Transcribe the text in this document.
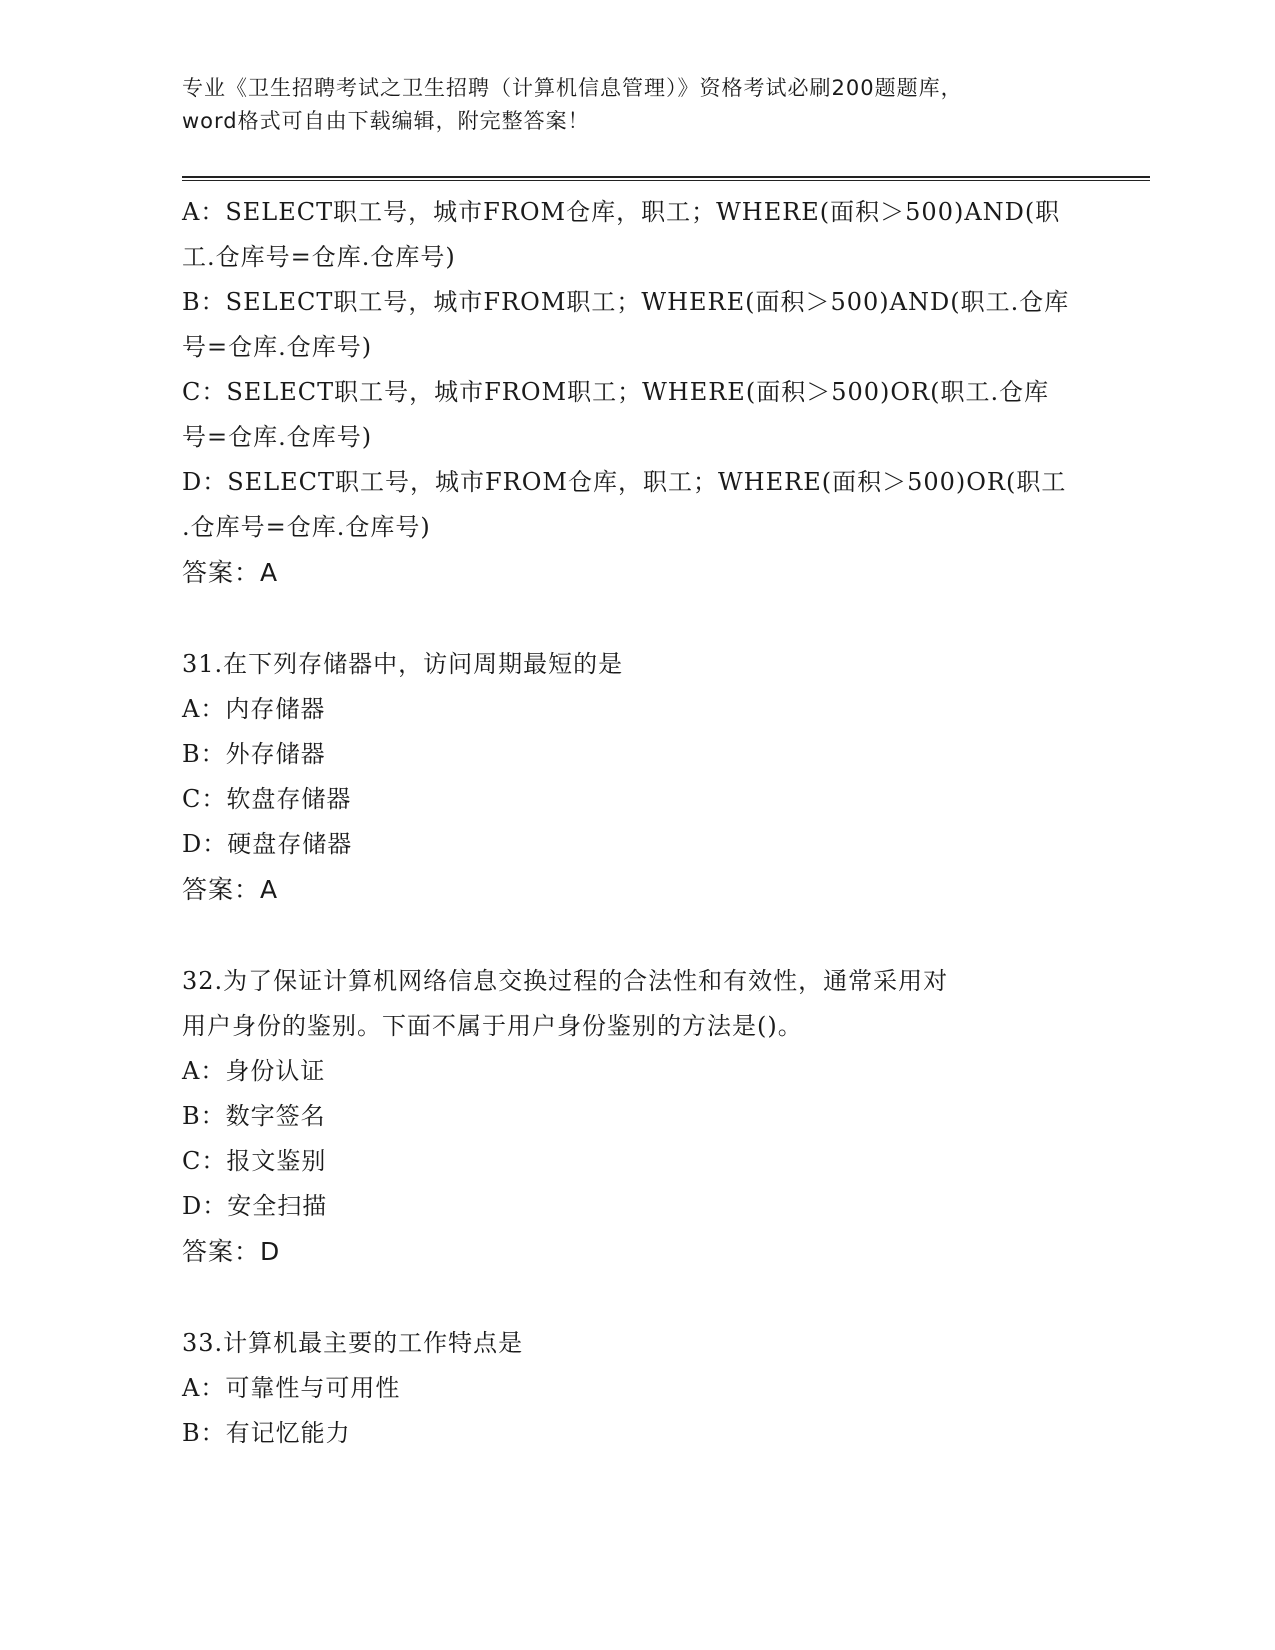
专业《卫生招聘考试之卫生招聘（计算机信息管理）》资格考试必刷200题题库，
word格式可自由下载编辑，附完整答案！
A：SELECT职工号，城市FROM仓库，职工；WHERE(面积＞500)AND(职
工.仓库号=仓库.仓库号)
B：SELECT职工号，城市FROM职工；WHERE(面积＞500)AND(职工.仓库
号=仓库.仓库号)
C：SELECT职工号，城市FROM职工；WHERE(面积＞500)OR(职工.仓库
号=仓库.仓库号)
D：SELECT职工号，城市FROM仓库，职工；WHERE(面积＞500)OR(职工
.仓库号=仓库.仓库号)
答案：A
31.在下列存储器中，访问周期最短的是
A：内存储器
B：外存储器
C：软盘存储器
D：硬盘存储器
答案：A
32.为了保证计算机网络信息交换过程的合法性和有效性，通常采用对
用户身份的鉴别。下面不属于用户身份鉴别的方法是()。
A：身份认证
B：数字签名
C：报文鉴别
D：安全扫描
答案：D
33.计算机最主要的工作特点是
A：可靠性与可用性
B：有记忆能力
